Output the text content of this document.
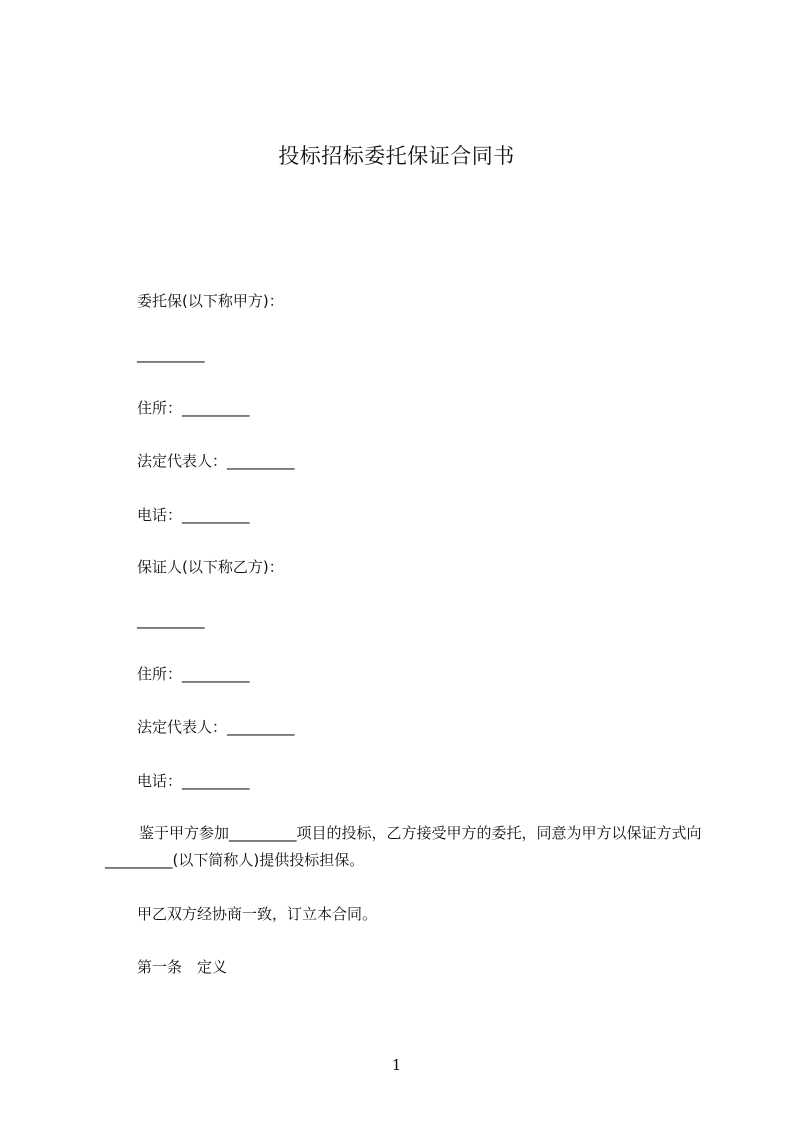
投标招标委托保证合同书
委托保(以下称甲方)：
_________
住所：_________
法定代表人：_________
电话：_________
保证人(以下称乙方)：
_________
住所：_________
法定代表人：_________
电话：_________
鉴于甲方参加_________项目的投标，乙方接受甲方的委托，同意为甲方以保证方式向_________(以下简称人)提供投标担保。
甲乙双方经协商一致，订立本合同。
第一条　定义
1
